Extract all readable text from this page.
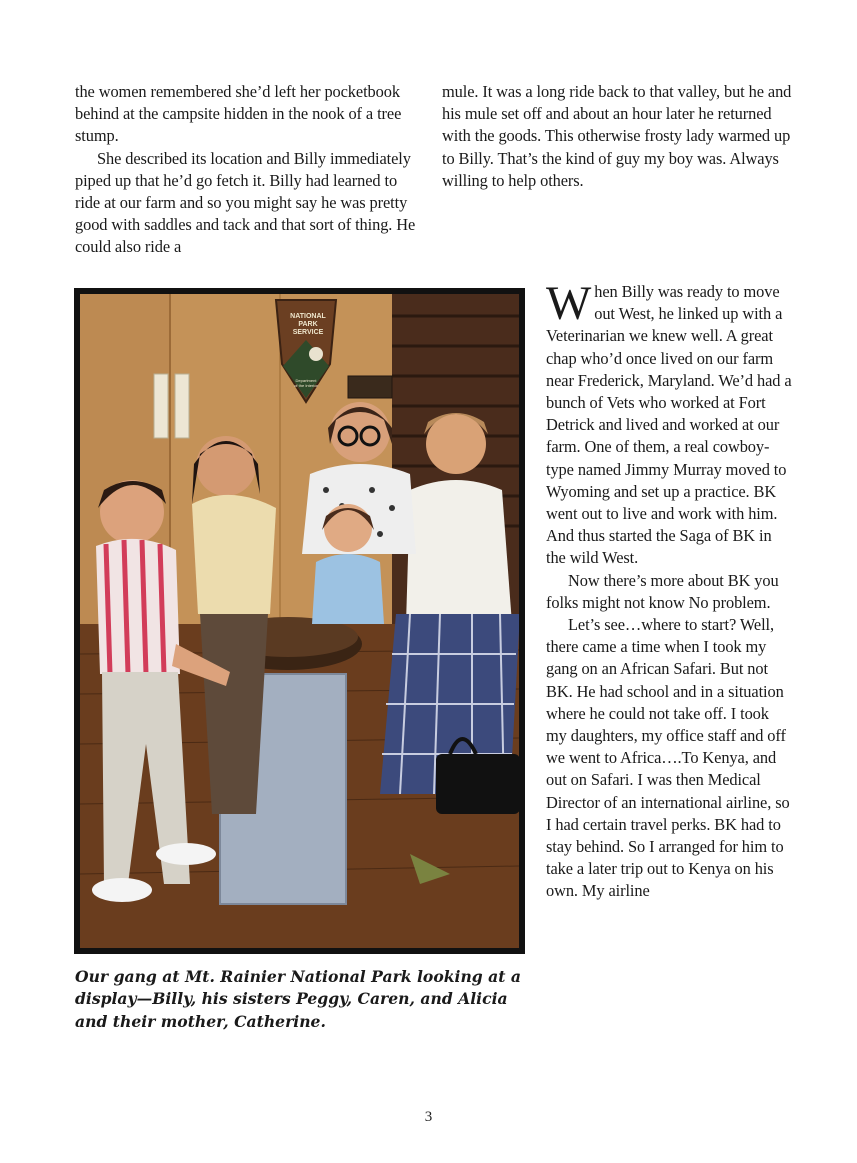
the women remembered she’d left her pocketbook behind at the campsite hidden in the nook of a tree stump.

She described its location and Billy immediately piped up that he’d go fetch it. Billy had learned to ride at our farm and so you might say he was pretty good with saddles and tack and that sort of thing. He could also ride a

mule. It was a long ride back to that valley, but he and his mule set off and about an hour later he returned with the goods. This otherwise frosty lady warmed up to Billy. That’s the kind of guy my boy was. Always willing to help others.

NATIONAL
PARK
SERVICE
Department
of the Interior

Our gang at Mt. Rainier National Park looking at a display—Billy, his sisters Peggy, Caren, and Alicia and their mother, Catherine.

When Billy was ready to move out West, he linked up with a Veterinarian we knew well. A great chap who’d once lived on our farm near Frederick, Maryland. We’d had a bunch of Vets who worked at Fort Detrick and lived and worked at our farm. One of them, a real cowboy-type named Jimmy Murray moved to Wyoming and set up a practice. BK went out to live and work with him. And thus started the Saga of BK in the wild West.

Now there’s more about BK you folks might not know No problem.

Let’s see…where to start? Well, there came a time when I took my gang on an African Safari. But not BK. He had school and in a situation where he could not take off. I took my daughters, my office staff and off we went to Africa….To Kenya, and out on Safari. I was then Medical Director of an international airline, so I had certain travel perks. BK had to stay behind. So I arranged for him to take a later trip out to Kenya on his own. My airline

3
